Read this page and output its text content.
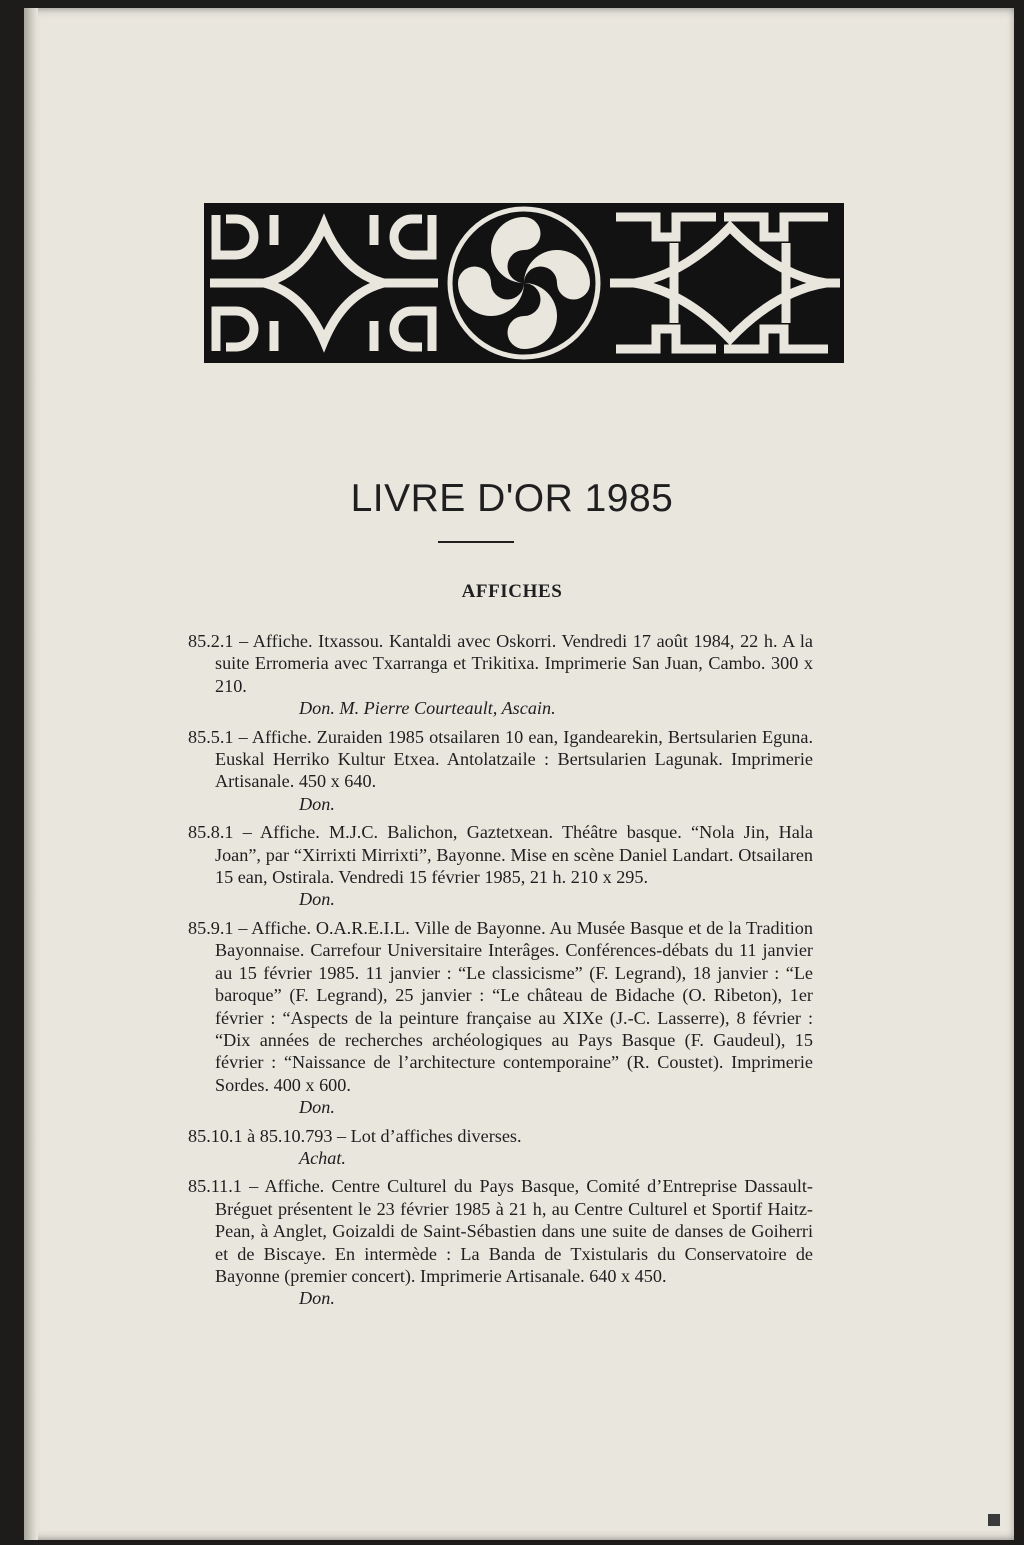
LIVRE D'OR 1985
AFFICHES
85.2.1 – Affiche. Itxassou. Kantaldi avec Oskorri. Vendredi 17 août 1984, 22 h. A la suite Erromeria avec Txarranga et Trikitixa. Imprimerie San Juan, Cambo. 300 x 210.
Don. M. Pierre Courteault, Ascain.
85.5.1 – Affiche. Zuraiden 1985 otsailaren 10 ean, Igandearekin, Bertsularien Eguna. Euskal Herriko Kultur Etxea. Antolatzaile : Bertsularien Lagunak. Imprimerie Artisanale. 450 x 640.
Don.
85.8.1 – Affiche. M.J.C. Balichon, Gaztetxean. Théâtre basque. “Nola Jin, Hala Joan”, par “Xirrixti Mirrixti”, Bayonne. Mise en scène Daniel Landart. Otsailaren 15 ean, Ostirala. Vendredi 15 février 1985, 21 h. 210 x 295.
Don.
85.9.1 – Affiche. O.A.R.E.I.L. Ville de Bayonne. Au Musée Basque et de la Tradition Bayonnaise. Carrefour Universitaire Interâges. Conférences-débats du 11 janvier au 15 février 1985. 11 janvier : “Le classicisme” (F. Legrand), 18 janvier : “Le baroque” (F. Legrand), 25 janvier : “Le château de Bidache (O. Ribeton), 1er février : “Aspects de la peinture française au XIXe (J.-C. Lasserre), 8 février : “Dix années de recherches archéologiques au Pays Basque (F. Gaudeul), 15 février : “Naissance de l’architecture contemporaine” (R. Coustet). Imprimerie Sordes. 400 x 600.
Don.
85.10.1 à 85.10.793 – Lot d’affiches diverses.
Achat.
85.11.1 – Affiche. Centre Culturel du Pays Basque, Comité d’Entreprise Dassault-Bréguet présentent le 23 février 1985 à 21 h, au Centre Culturel et Sportif Haitz-Pean, à Anglet, Goizaldi de Saint-Sébastien dans une suite de danses de Goiherri et de Biscaye. En intermède : La Banda de Txistularis du Conservatoire de Bayonne (premier concert). Imprimerie Artisanale. 640 x 450.
Don.
